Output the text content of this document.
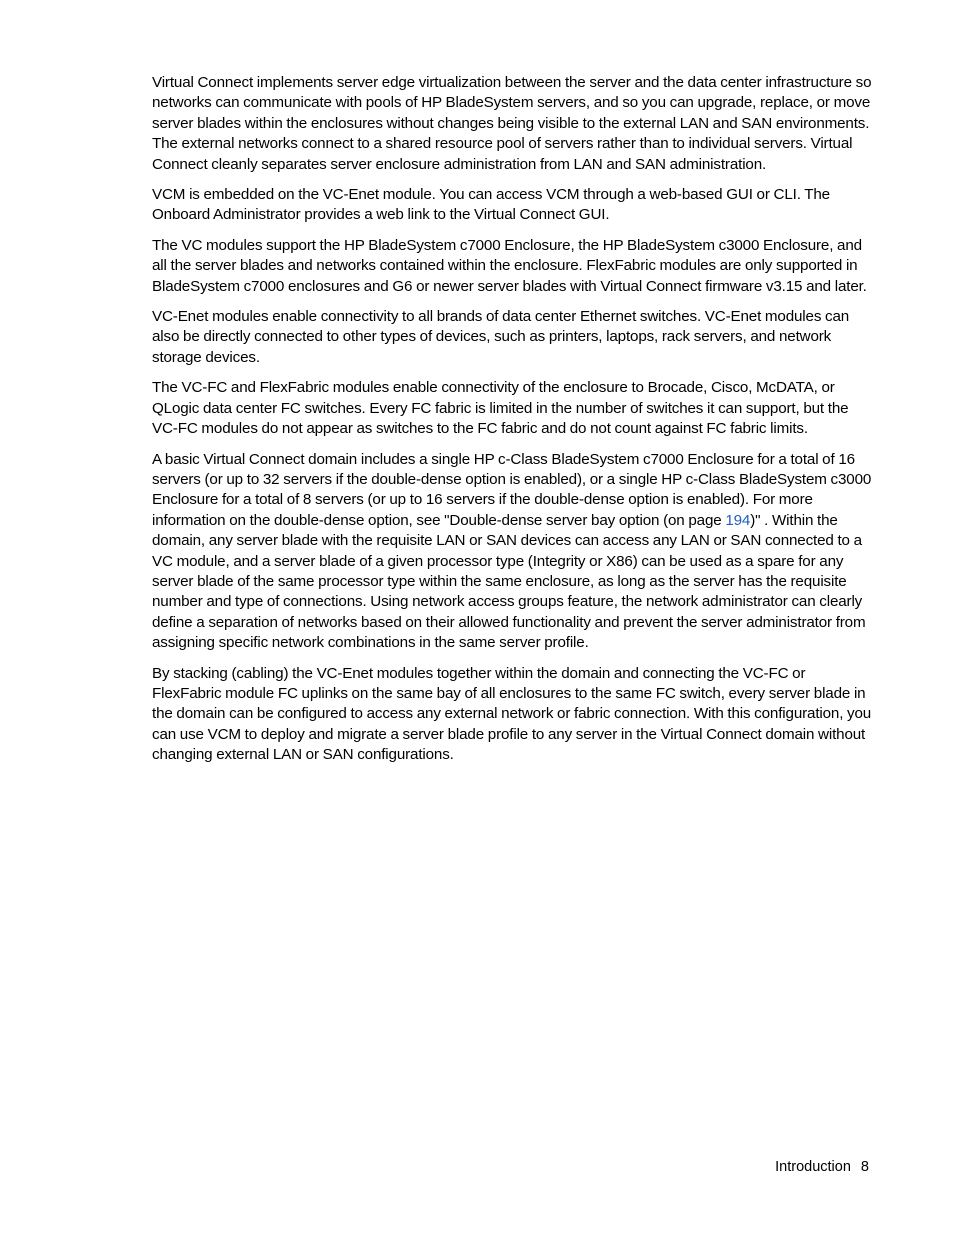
Virtual Connect implements server edge virtualization between the server and the data center infrastructure so networks can communicate with pools of HP BladeSystem servers, and so you can upgrade, replace, or move server blades within the enclosures without changes being visible to the external LAN and SAN environments. The external networks connect to a shared resource pool of servers rather than to individual servers. Virtual Connect cleanly separates server enclosure administration from LAN and SAN administration.

VCM is embedded on the VC-Enet module. You can access VCM through a web-based GUI or CLI. The Onboard Administrator provides a web link to the Virtual Connect GUI.

The VC modules support the HP BladeSystem c7000 Enclosure, the HP BladeSystem c3000 Enclosure, and all the server blades and networks contained within the enclosure. FlexFabric modules are only supported in BladeSystem c7000 enclosures and G6 or newer server blades with Virtual Connect firmware v3.15 and later.

VC-Enet modules enable connectivity to all brands of data center Ethernet switches. VC-Enet modules can also be directly connected to other types of devices, such as printers, laptops, rack servers, and network storage devices.

The VC-FC and FlexFabric modules enable connectivity of the enclosure to Brocade, Cisco, McDATA, or QLogic data center FC switches. Every FC fabric is limited in the number of switches it can support, but the VC-FC modules do not appear as switches to the FC fabric and do not count against FC fabric limits.

A basic Virtual Connect domain includes a single HP c-Class BladeSystem c7000 Enclosure for a total of 16 servers (or up to 32 servers if the double-dense option is enabled), or a single HP c-Class BladeSystem c3000 Enclosure for a total of 8 servers (or up to 16 servers if the double-dense option is enabled). For more information on the double-dense option, see "Double-dense server bay option (on page 194)" . Within the domain, any server blade with the requisite LAN or SAN devices can access any LAN or SAN connected to a VC module, and a server blade of a given processor type (Integrity or X86) can be used as a spare for any server blade of the same processor type within the same enclosure, as long as the server has the requisite number and type of connections. Using network access groups feature, the network administrator can clearly define a separation of networks based on their allowed functionality and prevent the server administrator from assigning specific network combinations in the same server profile.

By stacking (cabling) the VC-Enet modules together within the domain and connecting the VC-FC or FlexFabric module FC uplinks on the same bay of all enclosures to the same FC switch, every server blade in the domain can be configured to access any external network or fabric connection. With this configuration, you can use VCM to deploy and migrate a server blade profile to any server in the Virtual Connect domain without changing external LAN or SAN configurations.

Introduction 8
